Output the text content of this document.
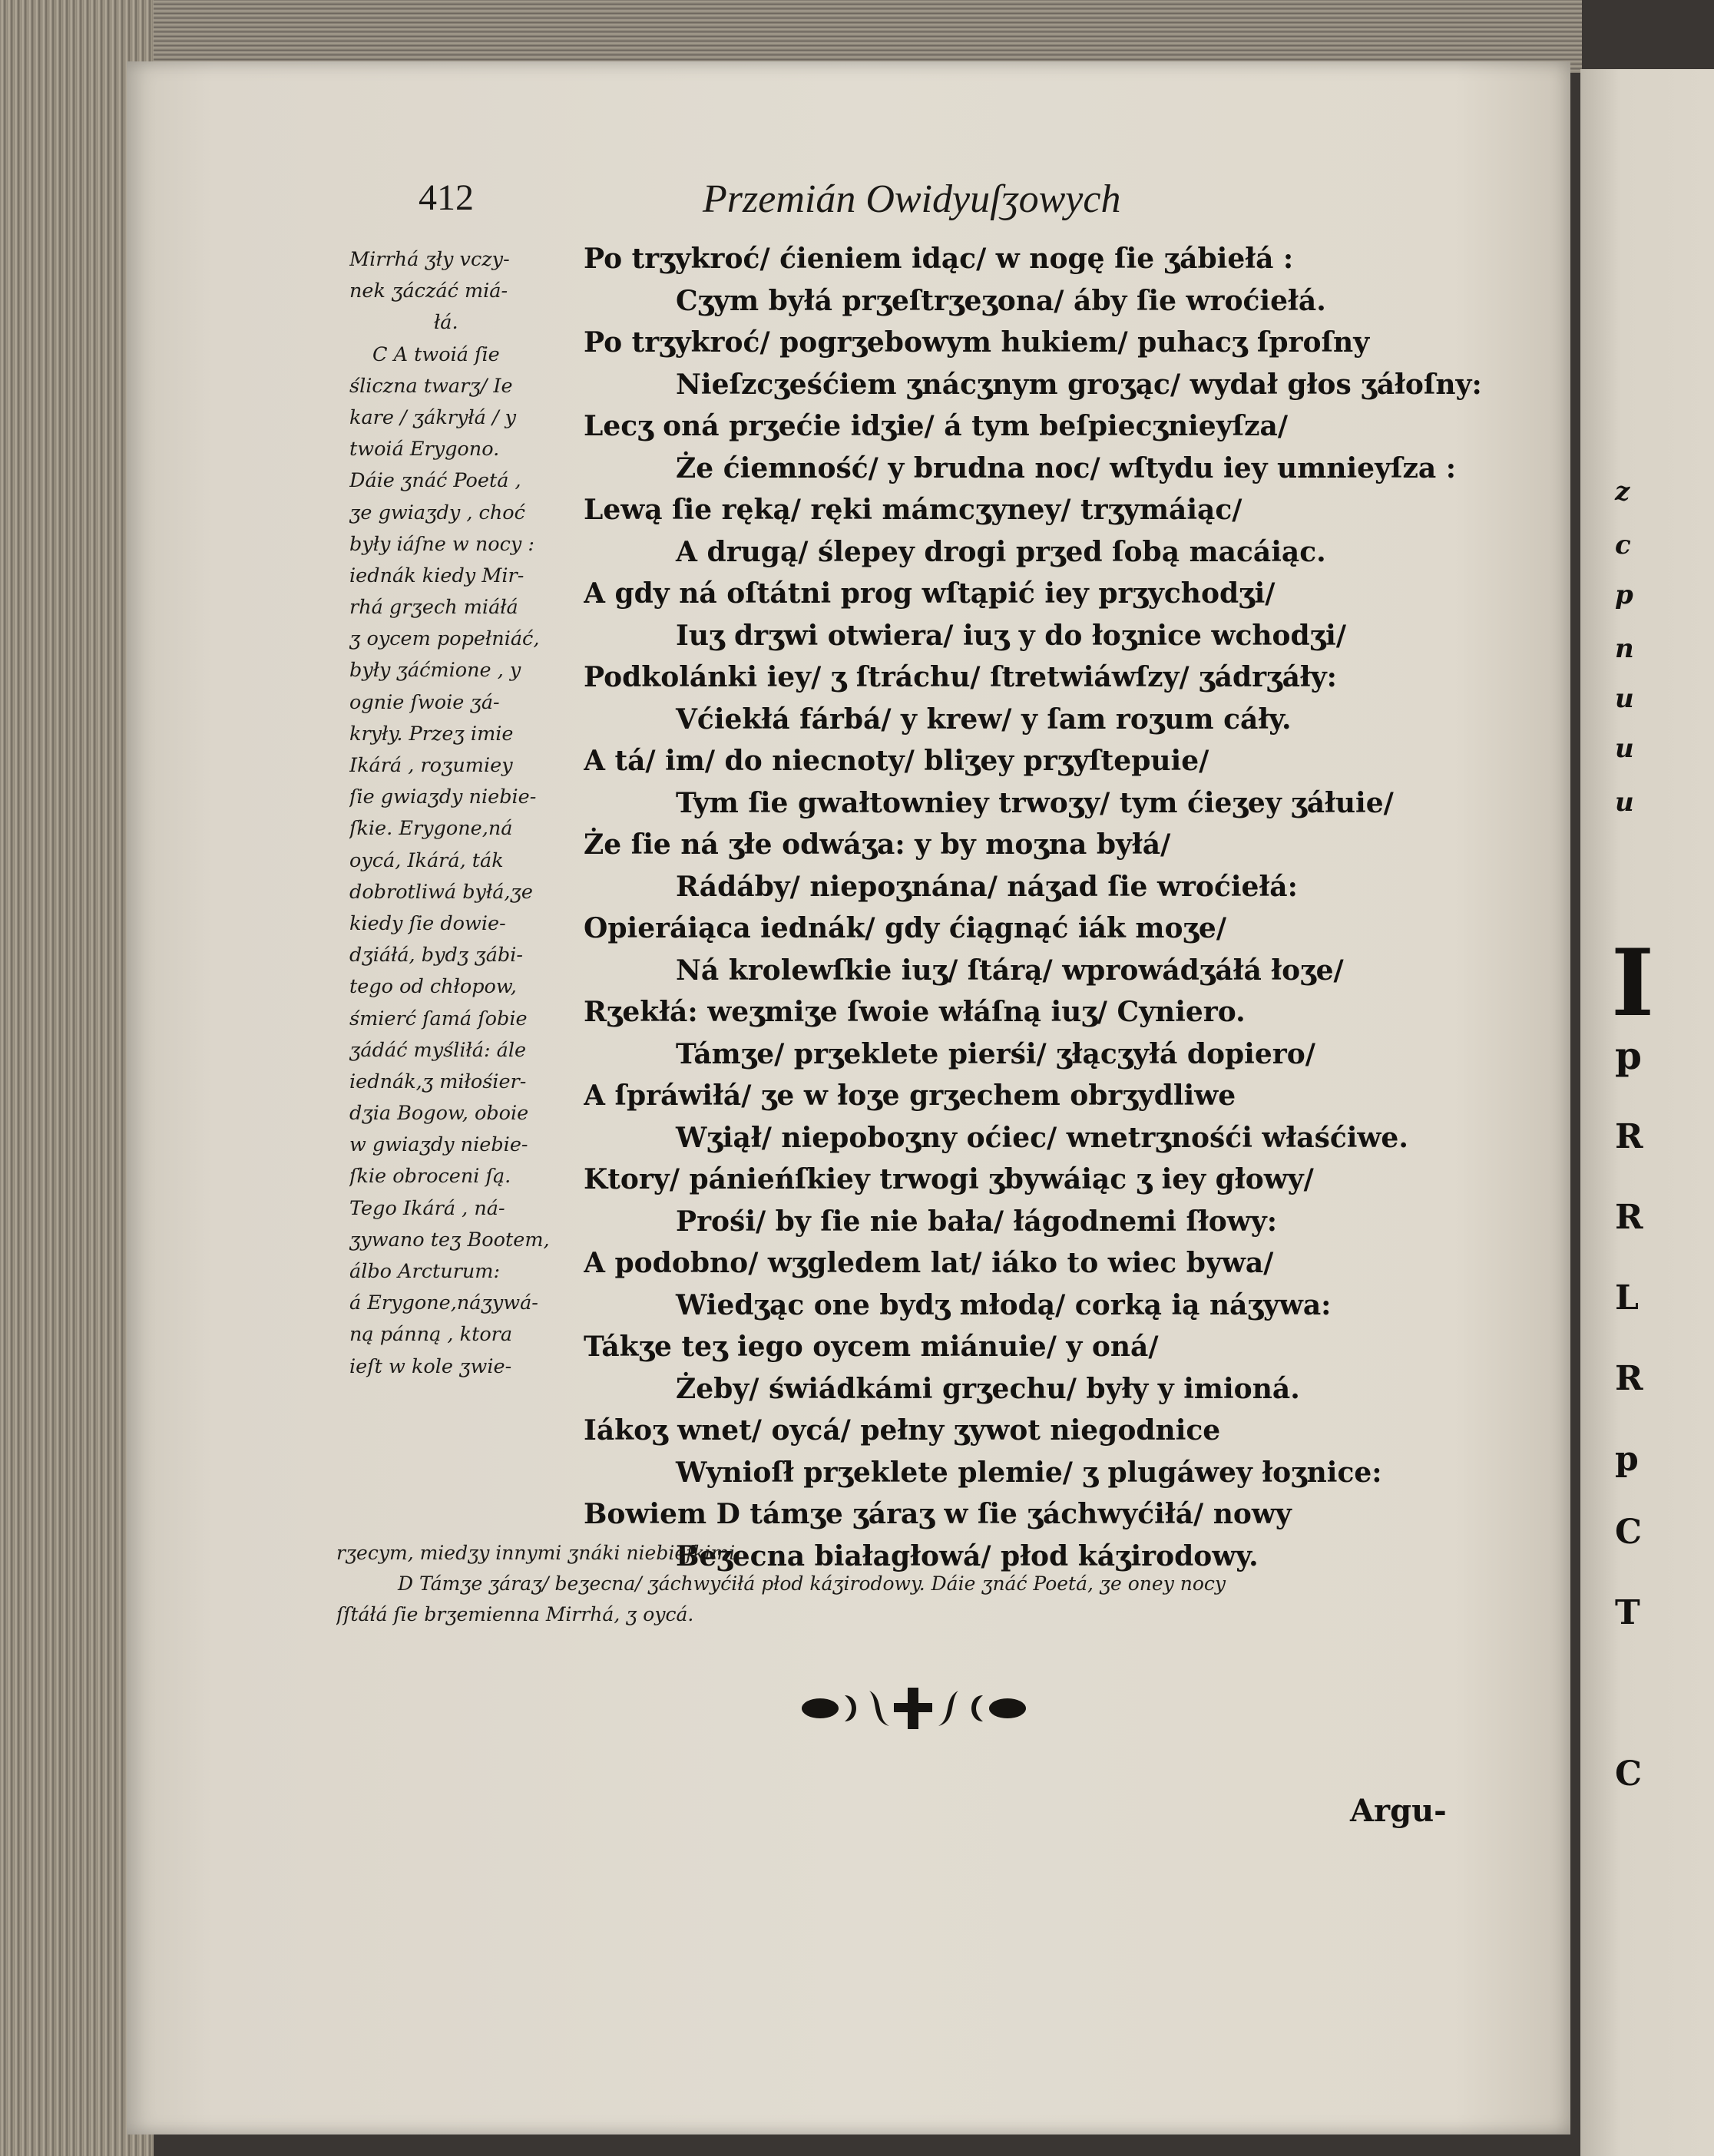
z
c
p
n
u
u
u
I
p
R
R
L
R
p
C
T
C
412	Przemián Owidyuſʒowych
Mirrhá ʒły vczy-
nek ʒáczáć miá-
łá.
C A twoiá ſie
śliczna twarʒ/ Ie
kare / ʒákryłá / y
twoiá Erygono.
Dáie ʒnáć Poetá ,
ʒe gwiaʒdy , choć
były iáſne w nocy :
iednák kiedy Mir-
rhá grʒech miáłá
ʒ oycem popełniáć,
były ʒáćmione , y
ognie ſwoie ʒá-
kryły. Przeʒ imie
Ikárá , roʒumiey
ſie gwiaʒdy niebie-
ſkie. Erygone,ná
oycá, Ikárá, ták
dobrotliwá byłá,ʒe
kiedy ſie dowie-
dʒiáłá, bydʒ ʒábi-
tego od chłopow,
śmierć ſamá ſobie
ʒádáć myśliłá: ále
iednák,ʒ miłośier-
dʒia Bogow, oboie
w gwiaʒdy niebie-
ſkie obroceni ſą.
Tego Ikárá , ná-
ʒywano teʒ Bootem,
álbo Arcturum:
á Erygone,náʒywá-
ną pánną , ktora
ieſt w kole ʒwie-
Po trʒykroć/ ćieniem idąc/ w nogę ſie ʒábiełá :
Cʒym byłá prʒeſtrʒeʒona/ áby ſie wroćiełá.
Po trʒykroć/ pogrʒebowym hukiem/ puhacʒ ſproſny
Nieſzcʒeśćiem ʒnácʒnym groʒąc/ wydał głos ʒáłoſny:
Lecʒ oná prʒećie idʒie/ á tym beſpiecʒnieyſza/
Że ćiemność/ y brudna noc/ wſtydu iey umnieyſza :
Lewą ſie ręką/ ręki mámcʒyney/ trʒymáiąc/
A drugą/ ślepey drogi prʒed ſobą macáiąc.
A gdy ná oſtátni prog wſtąpić iey prʒychodʒi/
Iuʒ drʒwi otwiera/ iuʒ y do łoʒnice wchodʒi/
Podkolánki iey/ ʒ ſtráchu/ ſtretwiáwſzy/ ʒádrʒáły:
Vćiekłá fárbá/ y krew/ y ſam roʒum cáły.
A tá/ im/ do niecnoty/ bliʒey prʒyſtepuie/
Tym ſie gwałtowniey trwoʒy/ tym ćieʒey ʒáłuie/
Że ſie ná ʒłe odwáʒa: y by moʒna byłá/
Rádáby/ niepoʒnána/ náʒad ſie wroćiełá:
Opieráiąca iednák/ gdy ćiągnąć iák moʒe/
Ná krolewſkie iuʒ/ ſtárą/ wprowádʒáłá łoʒe/
Rʒekłá: weʒmiʒe ſwoie włáſną iuʒ/ Cyniero.
Támʒe/ prʒeklete pierśi/ ʒłącʒyłá dopiero/
A ſpráwiłá/ ʒe w łoʒe grʒechem obrʒydliwe
Wʒiął/ niepoboʒny oćiec/ wnetrʒnośći właśćiwe.
Ktory/ pánieńſkiey trwogi ʒbywáiąc ʒ iey głowy/
Prośi/ by ſie nie bała/ łágodnemi ſłowy:
A podobno/ wʒgledem lat/ iáko to wiec bywa/
Wiedʒąc one bydʒ młodą/ corką ią náʒywa:
Tákʒe teʒ iego oycem miánuie/ y oná/
Żeby/ świádkámi grʒechu/ były y imioná.
Iákoʒ wnet/ oycá/ pełny ʒywot niegodnice
Wynioſł prʒeklete plemie/ ʒ plugáwey łoʒnice:
Bowiem D támʒe ʒáraʒ w ſie ʒáchwyćiłá/ nowy
Beʒecna białagłowá/ płod káʒirodowy.
rʒecym, miedʒy innymi ʒnáki niebieſkimi.
D Támʒe ʒáraʒ/ beʒecna/ ʒáchwyćiłá płod káʒirodowy. Dáie ʒnáć Poetá, ʒe oney nocy
ſſtáłá ſie brʒemienna Mirrhá, ʒ oycá.
Argu-
